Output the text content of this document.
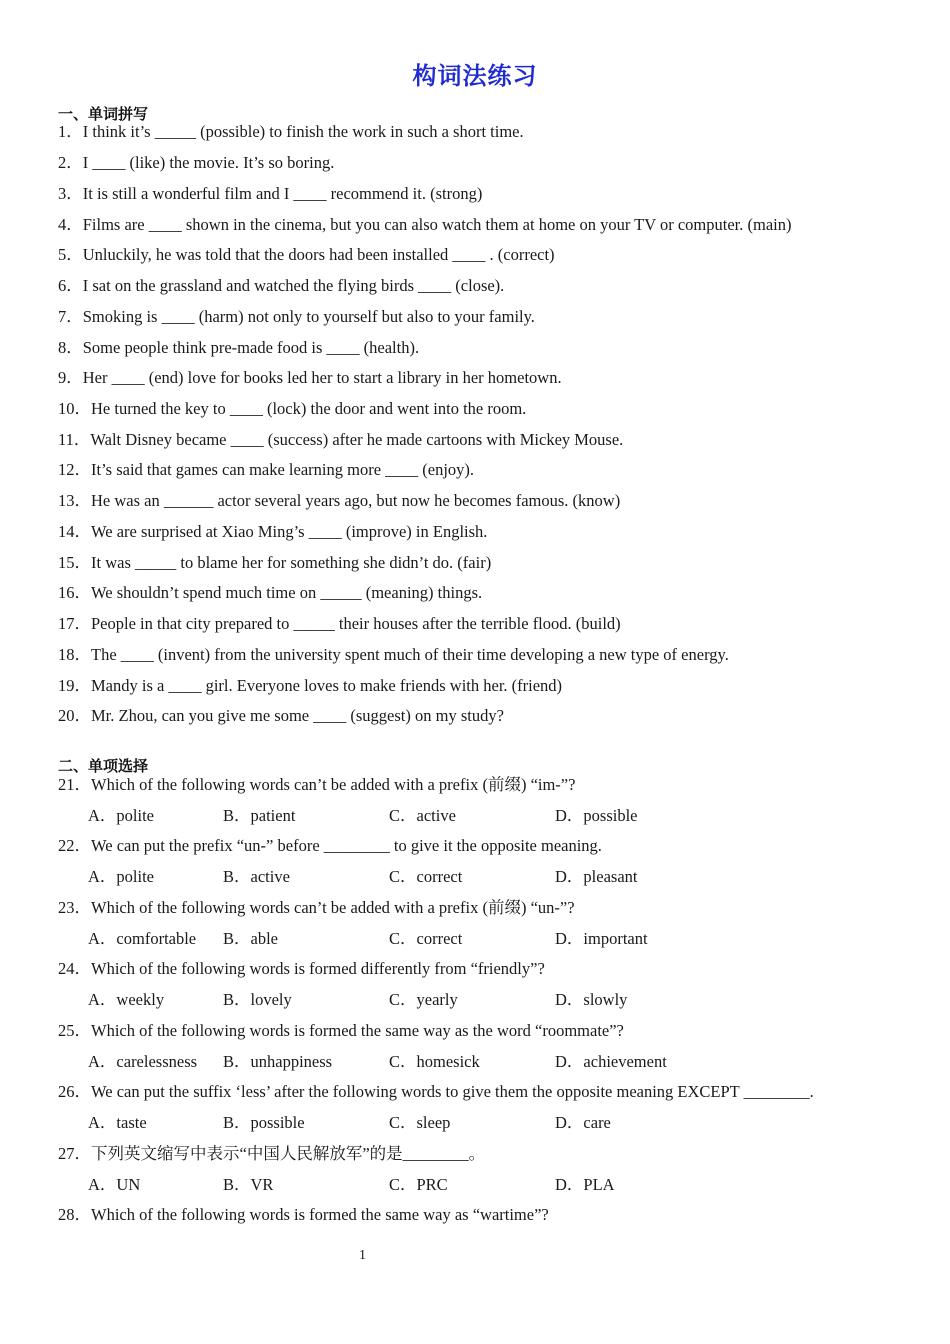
构词法练习
一、单词拼写
1．I think it’s _____ (possible) to finish the work in such a short time.
2．I ____ (like) the movie. It’s so boring.
3．It is still a wonderful film and I ____ recommend it. (strong)
4．Films are ____ shown in the cinema, but you can also watch them at home on your TV or computer. (main)
5．Unluckily, he was told that the doors had been installed ____ . (correct)
6．I sat on the grassland and watched the flying birds ____ (close).
7．Smoking is ____ (harm) not only to yourself but also to your family.
8．Some people think pre-made food is ____ (health).
9．Her ____ (end) love for books led her to start a library in her hometown.
10．He turned the key to ____ (lock) the door and went into the room.
11．Walt Disney became ____ (success) after he made cartoons with Mickey Mouse.
12．It’s said that games can make learning more ____ (enjoy).
13．He was an ______ actor several years ago, but now he becomes famous. (know)
14．We are surprised at Xiao Ming’s ____ (improve) in English.
15．It was _____ to blame her for something she didn’t do. (fair)
16．We shouldn’t spend much time on _____ (meaning) things.
17．People in that city prepared to _____ their houses after the terrible flood. (build)
18．The ____ (invent) from the university spent much of their time developing a new type of energy.
19．Mandy is a ____ girl. Everyone loves to make friends with her. (friend)
20．Mr. Zhou, can you give me some ____ (suggest) on my study?
二、单项选择
21．Which of the following words can’t be added with a prefix (前缀) “im-”?
A．polite	B．patient	C．active	D．possible
22．We can put the prefix “un-” before ________ to give it the opposite meaning.
A．polite	B．active	C．correct	D．pleasant
23．Which of the following words can’t be added with a prefix (前缀) “un-”?
A．comfortable B．able	C．correct	D．important
24．Which of the following words is formed differently from “friendly”?
A．weekly	B．lovely	C．yearly	D．slowly
25．Which of the following words is formed the same way as the word “roommate”?
A．carelessness B．unhappiness	C．homesick	D．achievement
26．We can put the suffix ‘less’ after the following words to give them the opposite meaning EXCEPT ________.
A．taste	B．possible	C．sleep	D．care
27．下列英文缩写中表示“中国人民解放军”的是________。
A．UN	B．VR	C．PRC	D．PLA
28．Which of the following words is formed the same way as “wartime”?
1
